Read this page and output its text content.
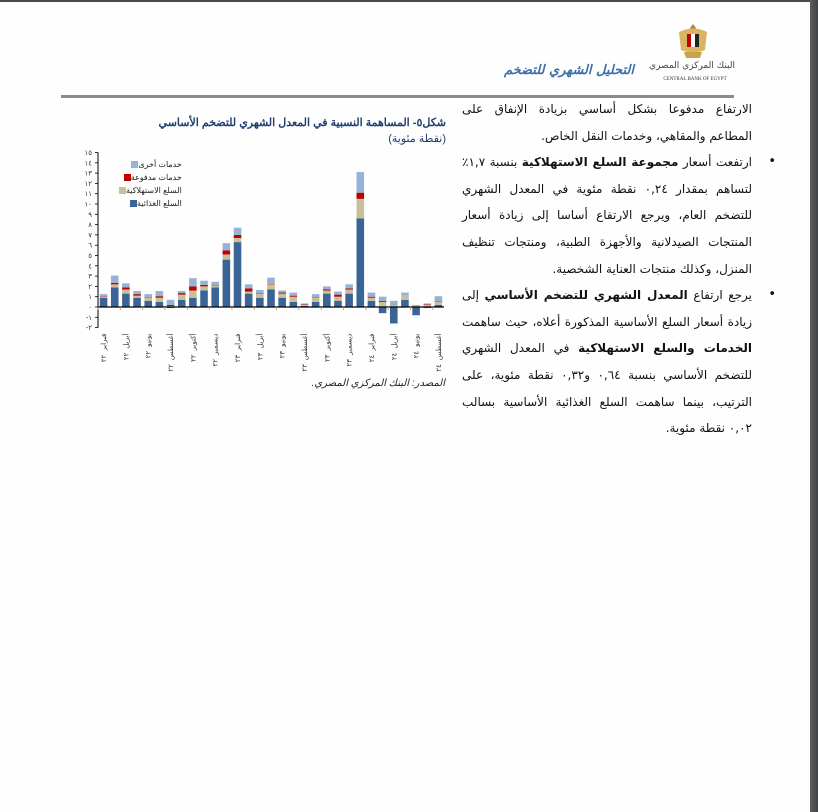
البنك المركزي المصري
CENTRAL BANK OF EGYPT
التحليل الشهري للتضخم
شكل٥- المساهمة النسبية في المعدل الشهري للتضخم الأساسي
(نقطة مئوية)
-٢
-١
٠
١
٢
٣
٤
٥
٦
٧
٨
٩
١٠
١١
١٢
١٣
١٤
١٥
فبراير
٢٢
أبريل
٢٢
يونيو
٢٢ أغسطس
٢٢
أكتوبر
٢٢
ديسمبر
٢٢
فبراير
٢٣
أبريل
٢٣
يونيو
٢٣ أغسطس
٢٣
أكتوبر
٢٣
ديسمبر
٢٣
فبراير
٢٤
أبريل
٢٤
يونيو
٢٤ أغسطس
٢٤
خدمات أخرى
خدمات مدفوعة
السلع الاستهلاكية
السلع الغذائية
المصدر: البنك المركزي المصري.

الارتفاع مدفوعا بشكل أساسي بزيادة الإنفاق على المطاعم والمقاهي، وخدمات النقل الخاص.

• ارتفعت أسعار مجموعة السلع الاستهلاكية بنسبة ١,٧٪ لتساهم بمقدار ٠,٢٤ نقطة مئوية في المعدل الشهري للتضخم العام، ويرجع الارتفاع أساسا إلى زيادة أسعار المنتجات الصيدلانية والأجهزة الطبية، ومنتجات تنظيف المنزل، وكذلك منتجات العناية الشخصية.

• يرجع ارتفاع المعدل الشهري للتضخم الأساسي إلى زيادة أسعار السلع الأساسية المذكورة أعلاه، حيث ساهمت الخدمات والسلع الاستهلاكية في المعدل الشهري للتضخم الأساسي بنسبة ٠,٦٤ و٠,٣٢ نقطة مئوية، على الترتيب، بينما ساهمت السلع الغذائية الأساسية بسالب ٠,٠٢ نقطة مئوية.
